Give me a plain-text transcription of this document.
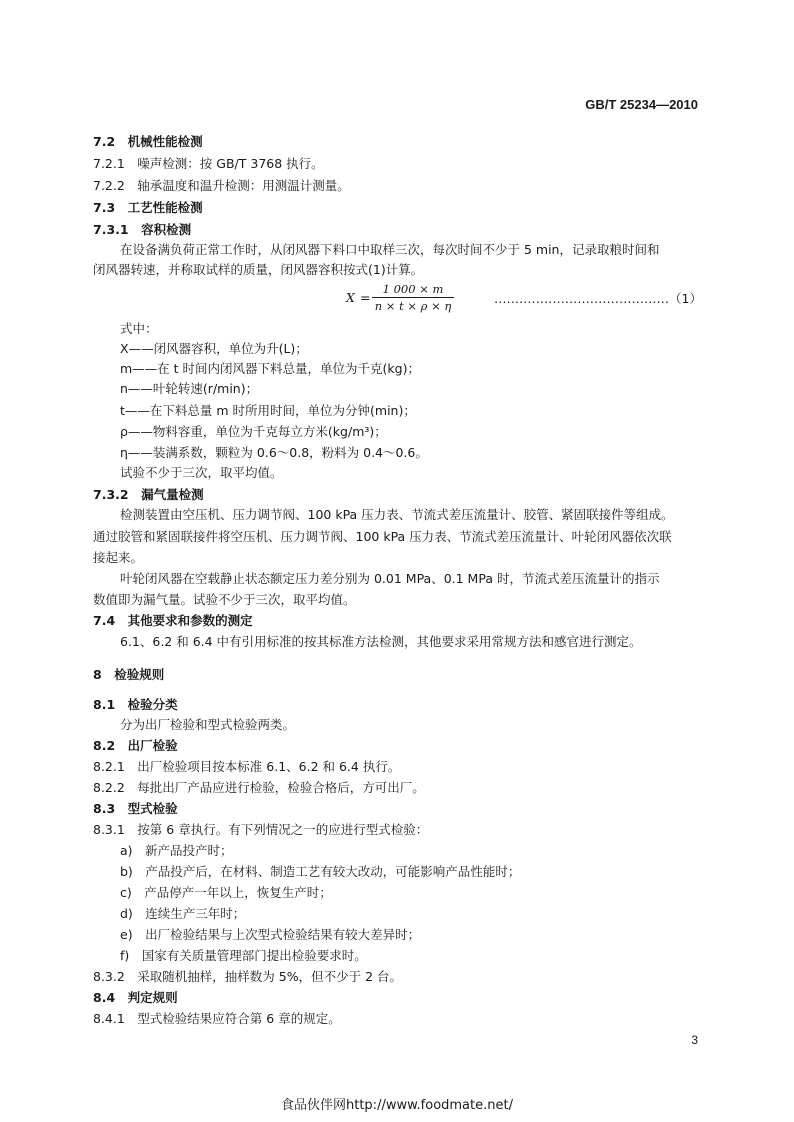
GB/T 25234—2010
7.2　机械性能检测
7.2.1　噪声检测：按 GB/T 3768 执行。
7.2.2　轴承温度和温升检测：用测温计测量。
7.3　工艺性能检测
7.3.1　容积检测
在设备满负荷正常工作时，从闭风器下料口中取样三次，每次时间不少于 5 min，记录取粮时间和
闭风器转速，并称取试样的质量，闭风器容积按式(1)计算。
$X = \frac{1 000 \times m}{n \times t \times \rho \times \eta}$	……………………………………（1）
式中：
X——闭风器容积，单位为升(L)；
m——在 t 时间内闭风器下料总量，单位为千克(kg)；
n——叶轮转速(r/min)；
t——在下料总量 m 时所用时间，单位为分钟(min)；
ρ——物料容重，单位为千克每立方米(kg/m³)；
η——装满系数，颗粒为 0.6～0.8，粉料为 0.4～0.6。
试验不少于三次，取平均值。
7.3.2　漏气量检测
检测装置由空压机、压力调节阀、100 kPa 压力表、节流式差压流量计、胶管、紧固联接件等组成。
通过胶管和紧固联接件将空压机、压力调节阀、100 kPa 压力表、节流式差压流量计、叶轮闭风器依次联
接起来。
叶轮闭风器在空载静止状态额定压力差分别为 0.01 MPa、0.1 MPa 时，节流式差压流量计的指示
数值即为漏气量。试验不少于三次，取平均值。
7.4　其他要求和参数的测定
6.1、6.2 和 6.4 中有引用标准的按其标准方法检测，其他要求采用常规方法和感官进行测定。
8　检验规则
8.1　检验分类
分为出厂检验和型式检验两类。
8.2　出厂检验
8.2.1　出厂检验项目按本标准 6.1、6.2 和 6.4 执行。
8.2.2　每批出厂产品应进行检验，检验合格后，方可出厂。
8.3　型式检验
8.3.1　按第 6 章执行。有下列情况之一的应进行型式检验：
a)　新产品投产时；
b)　产品投产后，在材料、制造工艺有较大改动，可能影响产品性能时；
c)　产品停产一年以上，恢复生产时；
d)　连续生产三年时；
e)　出厂检验结果与上次型式检验结果有较大差异时；
f)　国家有关质量管理部门提出检验要求时。
8.3.2　采取随机抽样，抽样数为 5%，但不少于 2 台。
8.4　判定规则
8.4.1　型式检验结果应符合第 6 章的规定。
3
食品伙伴网http://www.foodmate.net/
